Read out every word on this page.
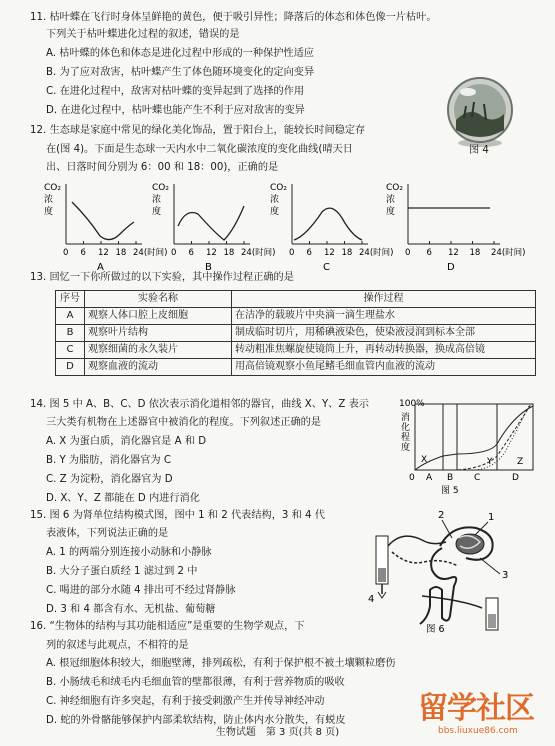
11. 枯叶蝶在飞行时身体呈鲜艳的黄色，便于吸引异性；降落后的体态和体色像一片枯叶。
下列关于枯叶蝶进化过程的叙述，错误的是
A. 枯叶蝶的体色和体态是进化过程中形成的一种保护性适应
B. 为了应对敌害，枯叶蝶产生了体色随环境变化的定向变异
C. 在进化过程中，敌害对枯叶蝶的变异起到了选择的作用
D. 在进化过程中，枯叶蝶也能产生不利于应对敌害的变异
图 4
12. 生态球是家庭中常见的绿化美化饰品，置于阳台上，能较长时间稳定存
在(图 4)。下面是生态球一天内水中二氧化碳浓度的变化曲线(晴天日
出、日落时间分别为 6：00 和 18：00)，正确的是
CO₂
浓
度
0 6 12 18 24(时间)
A
CO₂
浓
度
0 6 12 18 24(时间)
B
CO₂
浓
度
0 6 12 18 24(时间)
C
CO₂
浓
度
0 6 12 18 24(时间)
D
13. 回忆一下你所做过的以下实验，其中操作过程正确的是
序号	实验名称	操作过程
A	观察人体口腔上皮细胞	在洁净的载玻片中央滴一滴生理盐水
B	观察叶片结构	制成临时切片，用稀碘液染色，使染液浸润到标本全部
C	观察细菌的永久装片	转动粗准焦螺旋使镜筒上升，再转动转换器，换成高倍镜
D	观察血液的流动	用高倍镜观察小鱼尾鳍毛细血管内血液的流动
14. 图 5 中 A、B、C、D 依次表示消化道相邻的器官，曲线 X、Y、Z 表示
三大类有机物在上述器官中被消化的程度。下列叙述正确的是
A. X 为蛋白质，消化器官是 A 和 D
B. Y 为脂肪，消化器官为 C
C. Z 为淀粉，消化器官为 D
D. X、Y、Z 都能在 D 内进行消化
100%
消
化
程
度
X	Y	Z
0 A B C	D
图 5
15. 图 6 为肾单位结构模式图，图中 1 和 2 代表结构，3 和 4 代
表液体，下列说法正确的是
A. 1 的两端分别连接小动脉和小静脉
B. 大分子蛋白质经 1 滤过到 2 中
C. 喝进的部分水随 4 排出可不经过肾静脉
D. 3 和 4 都含有水、无机盐、葡萄糖
2	1
3
4
图 6
16. “生物体的结构与其功能相适应”是重要的生物学观点，下
列的叙述与此观点，不相符的是
A. 根冠细胞体积较大，细胞壁薄，排列疏松，有利于保护根不被土壤颗粒磨伤
B. 小肠绒毛和绒毛内毛细血管的壁都很薄，有利于营养物质的吸收
C. 神经细胞有许多突起，有利于接受刺激产生并传导神经冲动
D. 蛇的外骨骼能够保护内部柔软结构，防止体内水分散失，有蜕皮
生物试题　第 3 页(共 8 页)
留学社区
bbs.liuxue86.com
